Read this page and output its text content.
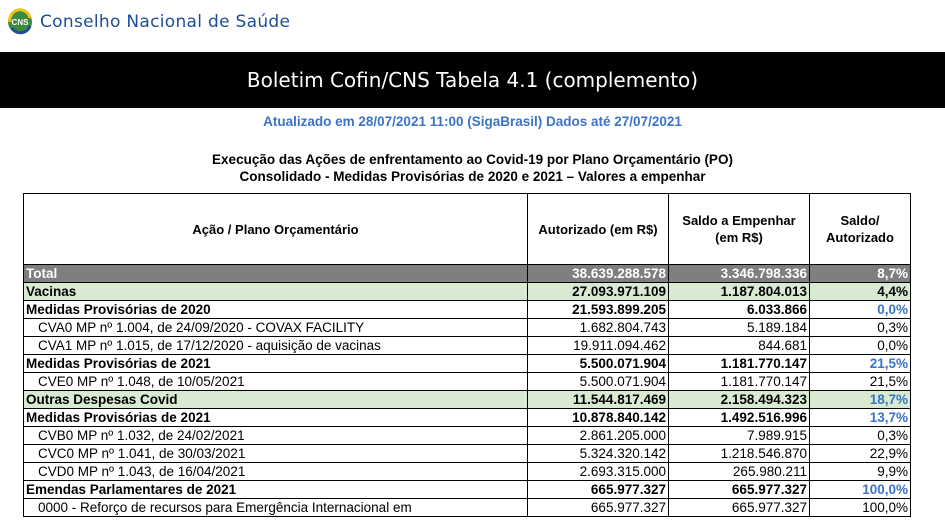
CNS Conselho Nacional de Saúde
Boletim Cofin/CNS Tabela 4.1 (complemento)
Atualizado em 28/07/2021 11:00 (SigaBrasil) Dados até 27/07/2021
Execução das Ações de enfrentamento ao Covid-19 por Plano Orçamentário (PO)
Consolidado - Medidas Provisórias de 2020 e 2021 – Valores a empenhar
Ação / Plano Orçamentário	Autorizado (em R$)	Saldo a Empenhar (em R$)	Saldo/ Autorizado
Total	38.639.288.578	3.346.798.336	8,7%
Vacinas	27.093.971.109	1.187.804.013	4,4%
Medidas Provisórias de 2020	21.593.899.205	6.033.866	0,0%
CVA0 MP nº 1.004, de 24/09/2020 - COVAX FACILITY	1.682.804.743	5.189.184	0,3%
CVA1 MP nº 1.015, de 17/12/2020 - aquisição de vacinas	19.911.094.462	844.681	0,0%
Medidas Provisórias de 2021	5.500.071.904	1.181.770.147	21,5%
CVE0 MP nº 1.048, de 10/05/2021	5.500.071.904	1.181.770.147	21,5%
Outras Despesas Covid	11.544.817.469	2.158.494.323	18,7%
Medidas Provisórias de 2021	10.878.840.142	1.492.516.996	13,7%
CVB0 MP nº 1.032, de 24/02/2021	2.861.205.000	7.989.915	0,3%
CVC0 MP nº 1.041, de 30/03/2021	5.324.320.142	1.218.546.870	22,9%
CVD0 MP nº 1.043, de 16/04/2021	2.693.315.000	265.980.211	9,9%
Emendas Parlamentares de 2021	665.977.327	665.977.327	100,0%
0000 - Reforço de recursos para Emergência Internacional em	665.977.327	665.977.327	100,0%
